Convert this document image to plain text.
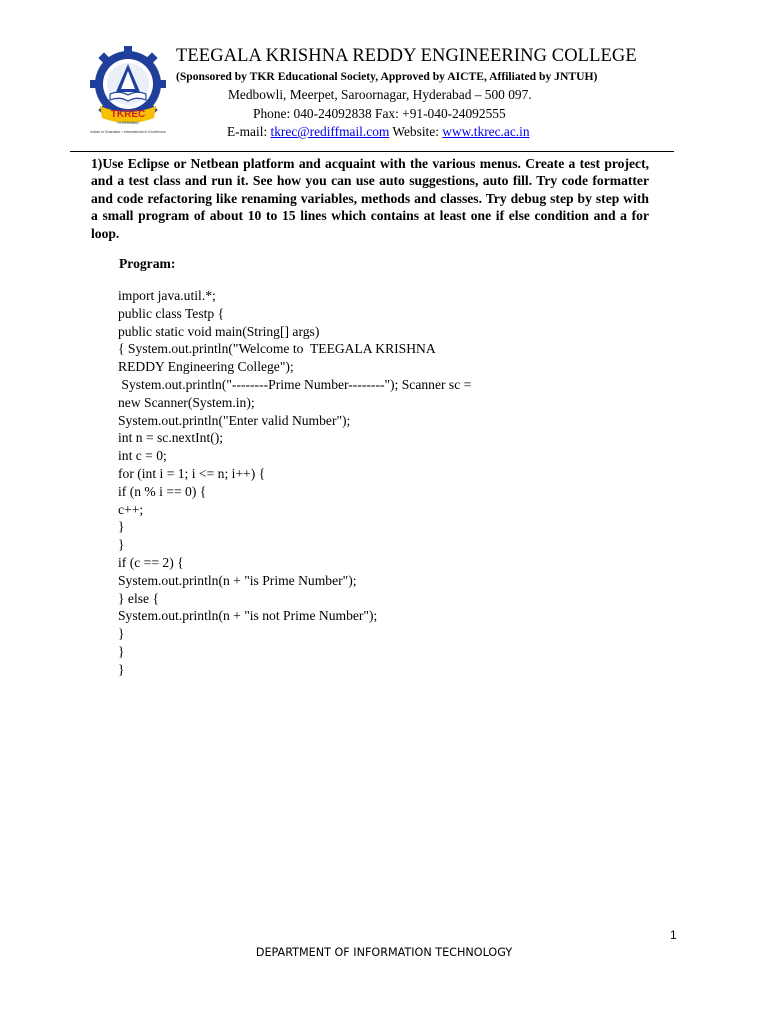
TKREC
HYDERABAD
Indian in Character • International in Excellence
TEEGALA KRISHNA REDDY ENGINEERING COLLEGE
(Sponsored by TKR Educational Society, Approved by AICTE, Affiliated by JNTUH)
Medbowli, Meerpet, Saroornagar, Hyderabad – 500 097.
Phone: 040-24092838 Fax: +91-040-24092555
E-mail: tkrec@rediffmail.com Website: www.tkrec.ac.in
1)Use Eclipse or Netbean platform and acquaint with the various menus. Create a test project, and a test class and run it. See how you can use auto suggestions, auto fill. Try code formatter and code refactoring like renaming variables, methods and classes. Try debug step by step with a small program of about 10 to 15 lines which contains at least one if else condition and a for loop.
Program:
import java.util.*;
public class Testp {
public static void main(String[] args)
{ System.out.println("Welcome to  TEEGALA KRISHNA
REDDY Engineering College");
System.out.println("--------Prime Number--------"); Scanner sc =
new Scanner(System.in);
System.out.println("Enter valid Number");
int n = sc.nextInt();
int c = 0;
for (int i = 1; i <= n; i++) {
if (n % i == 0) {
c++;
}
}
if (c == 2) {
System.out.println(n + "is Prime Number");
} else {
System.out.println(n + "is not Prime Number");
}
}
}
1
DEPARTMENT OF INFORMATION TECHNOLOGY
